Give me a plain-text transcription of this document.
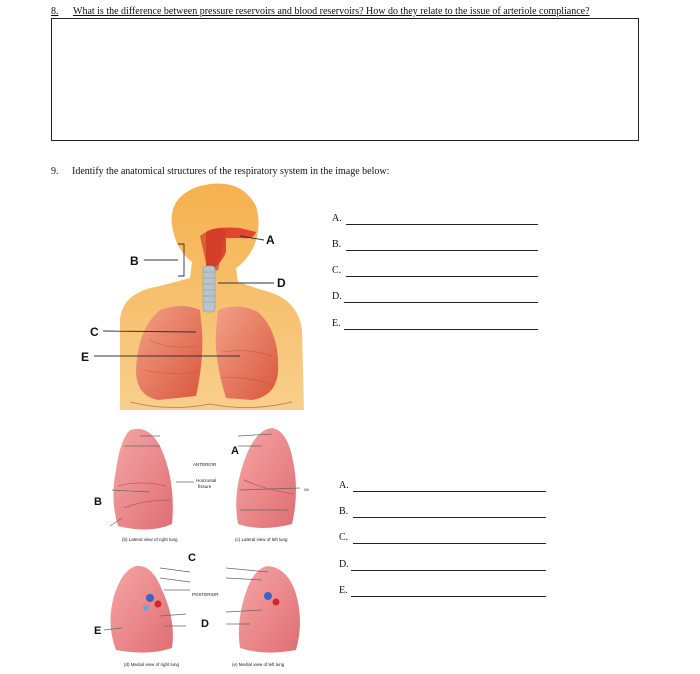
8. What is the difference between pressure reservoirs and blood reservoirs? How do they relate to the issue of arteriole compliance?
9. Identify the anatomical structures of the respiratory system in the image below:
A
B
D
C
E
A
B
C
D
E
ANTERIOR
Horizontal
fissure
ox
POSTERIOR
(b) Lateral view of right lung	(c) Lateral view of left lung
(d) Medial view of right lung	(e) Medial view of left lung
A.
B.
C.
D.
E.
A.
B.
C.
D.
E.
